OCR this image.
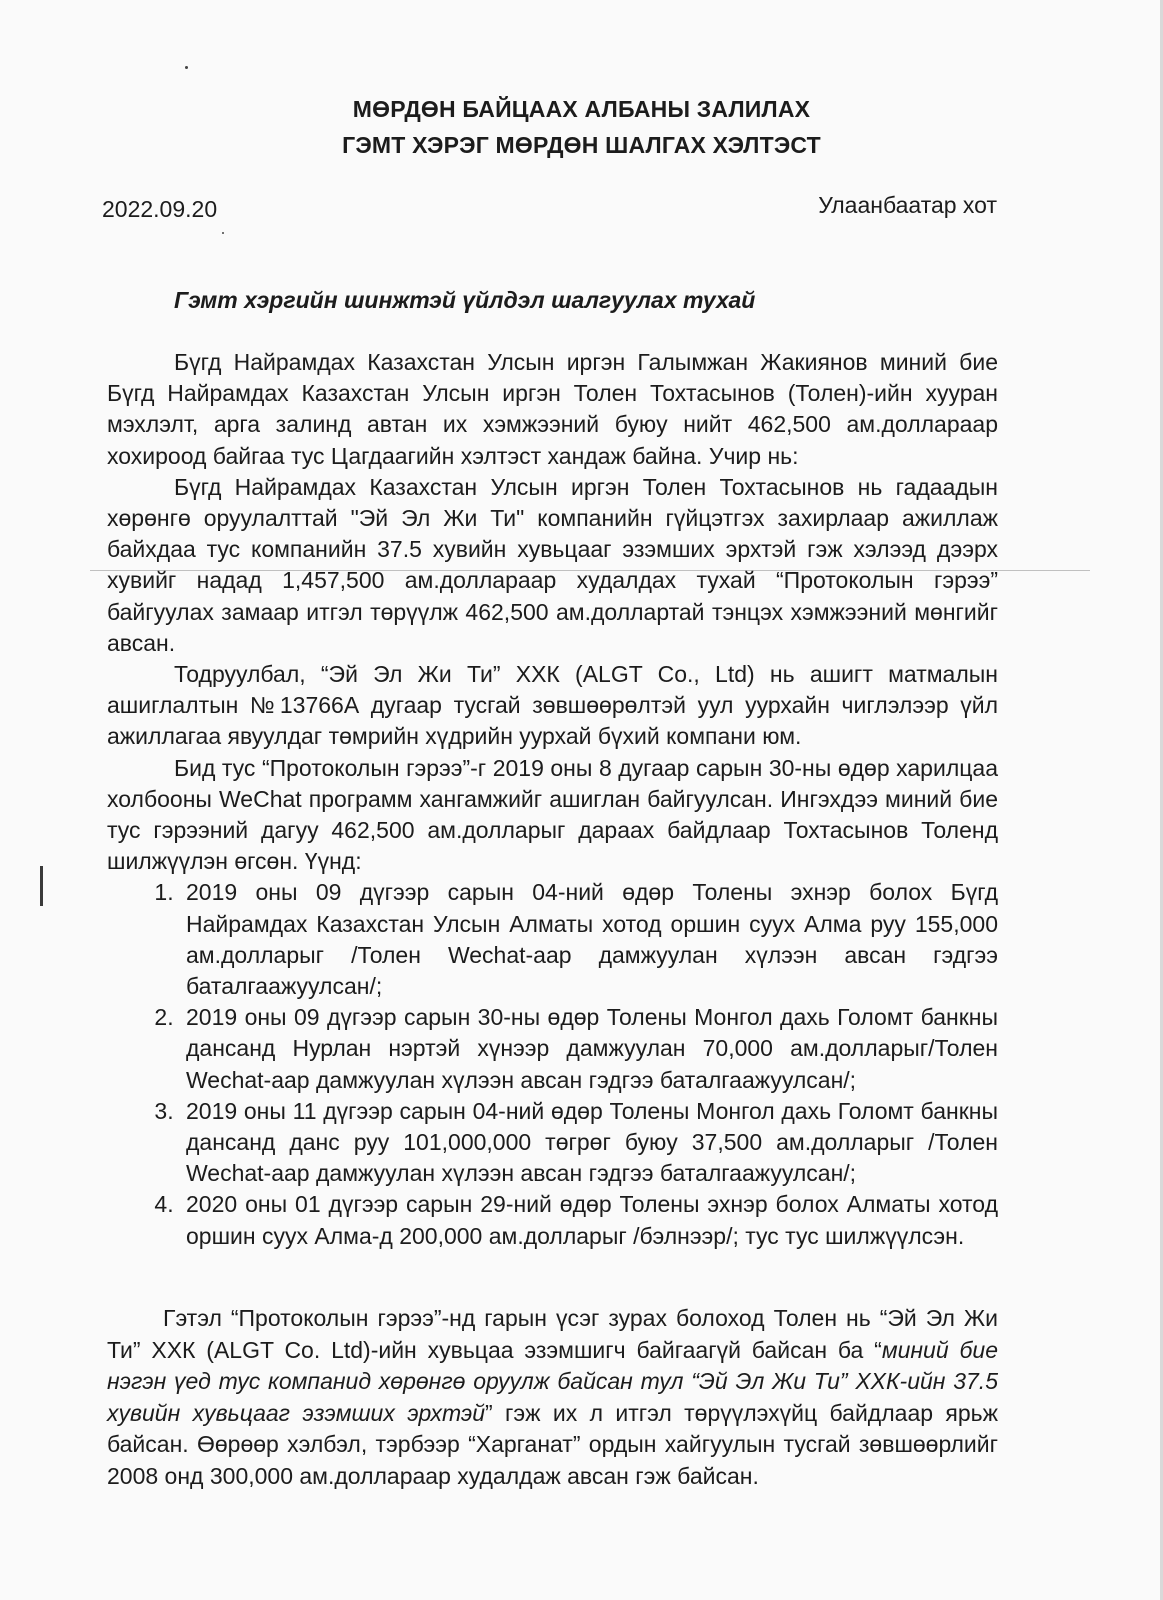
МӨРДӨН БАЙЦААХ АЛБАНЫ ЗАЛИЛАХ
ГЭМТ ХЭРЭГ МӨРДӨН ШАЛГАХ ХЭЛТЭСТ
2022.09.20	Улаанбаатар хот
Гэмт хэргийн шинжтэй үйлдэл шалгуулах тухай

Бүгд Найрамдах Казахстан Улсын иргэн Галымжан Жакиянов миний бие Бүгд Найрамдах Казахстан Улсын иргэн Толен Тохтасынов (Толен)-ийн хууран мэхлэлт, арга залинд автан их хэмжээний буюу нийт 462,500 ам.доллараар хохироод байгаа тус Цагдаагийн хэлтэст хандаж байна. Учир нь:

Бүгд Найрамдах Казахстан Улсын иргэн Толен Тохтасынов нь гадаадын хөрөнгө оруулалттай "Эй Эл Жи Ти" компанийн гүйцэтгэх захирлаар ажиллаж байхдаа тус компанийн 37.5 хувийн хувьцааг эзэмших эрхтэй гэж хэлээд дээрх хувийг надад 1,457,500 ам.доллараар худалдах тухай “Протоколын гэрээ” байгуулах замаар итгэл төрүүлж 462,500 ам.доллартай тэнцэх хэмжээний мөнгийг авсан.

Тодруулбал, “Эй Эл Жи Ти” ХХК (ALGT Co., Ltd) нь ашигт матмалын ашиглалтын №13766А дугаар тусгай зөвшөөрөлтэй уул уурхайн чиглэлээр үйл ажиллагаа явуулдаг төмрийн хүдрийн уурхай бүхий компани юм.

Бид тус “Протоколын гэрээ”-г 2019 оны 8 дугаар сарын 30-ны өдөр харилцаа холбооны WeChat программ хангамжийг ашиглан байгуулсан. Ингэхдээ миний бие тус гэрээний дагуу 462,500 ам.долларыг дараах байдлаар Тохтасынов Толенд шилжүүлэн өгсөн. Үүнд:

1. 2019 оны 09 дүгээр сарын 04-ний өдөр Толены эхнэр болох Бүгд Найрамдах Казахстан Улсын Алматы хотод оршин суух Алма руу 155,000 ам.долларыг /Толен Wechat-аар дамжуулан хүлээн авсан гэдгээ баталгаажуулсан/;
2. 2019 оны 09 дүгээр сарын 30-ны өдөр Толены Монгол дахь Голомт банкны дансанд Нурлан нэртэй хүнээр дамжуулан 70,000 ам.долларыг/Толен Wechat-аар дамжуулан хүлээн авсан гэдгээ баталгаажуулсан/;
3. 2019 оны 11 дүгээр сарын 04-ний өдөр Толены Монгол дахь Голомт банкны дансанд данс руу 101,000,000 төгрөг буюу 37,500 ам.долларыг /Толен Wechat-аар дамжуулан хүлээн авсан гэдгээ баталгаажуулсан/;
4. 2020 оны 01 дүгээр сарын 29-ний өдөр Толены эхнэр болох Алматы хотод оршин суух Алма-д 200,000 ам.долларыг /бэлнээр/; тус тус шилжүүлсэн.

Гэтэл “Протоколын гэрээ”-нд гарын үсэг зурах болоход Толен нь “Эй Эл Жи Ти” ХХК (ALGT Co. Ltd)-ийн хувьцаа эзэмшигч байгаагүй байсан ба “миний бие нэгэн үед тус компанид хөрөнгө оруулж байсан тул “Эй Эл Жи Ти” ХХК-ийн 37.5 хувийн хувьцааг эзэмших эрхтэй” гэж их л итгэл төрүүлэхүйц байдлаар ярьж байсан. Өөрөөр хэлбэл, тэрбээр “Харганат” ордын хайгуулын тусгай зөвшөөрлийг 2008 онд 300,000 ам.доллараар худалдаж авсан гэж байсан.
